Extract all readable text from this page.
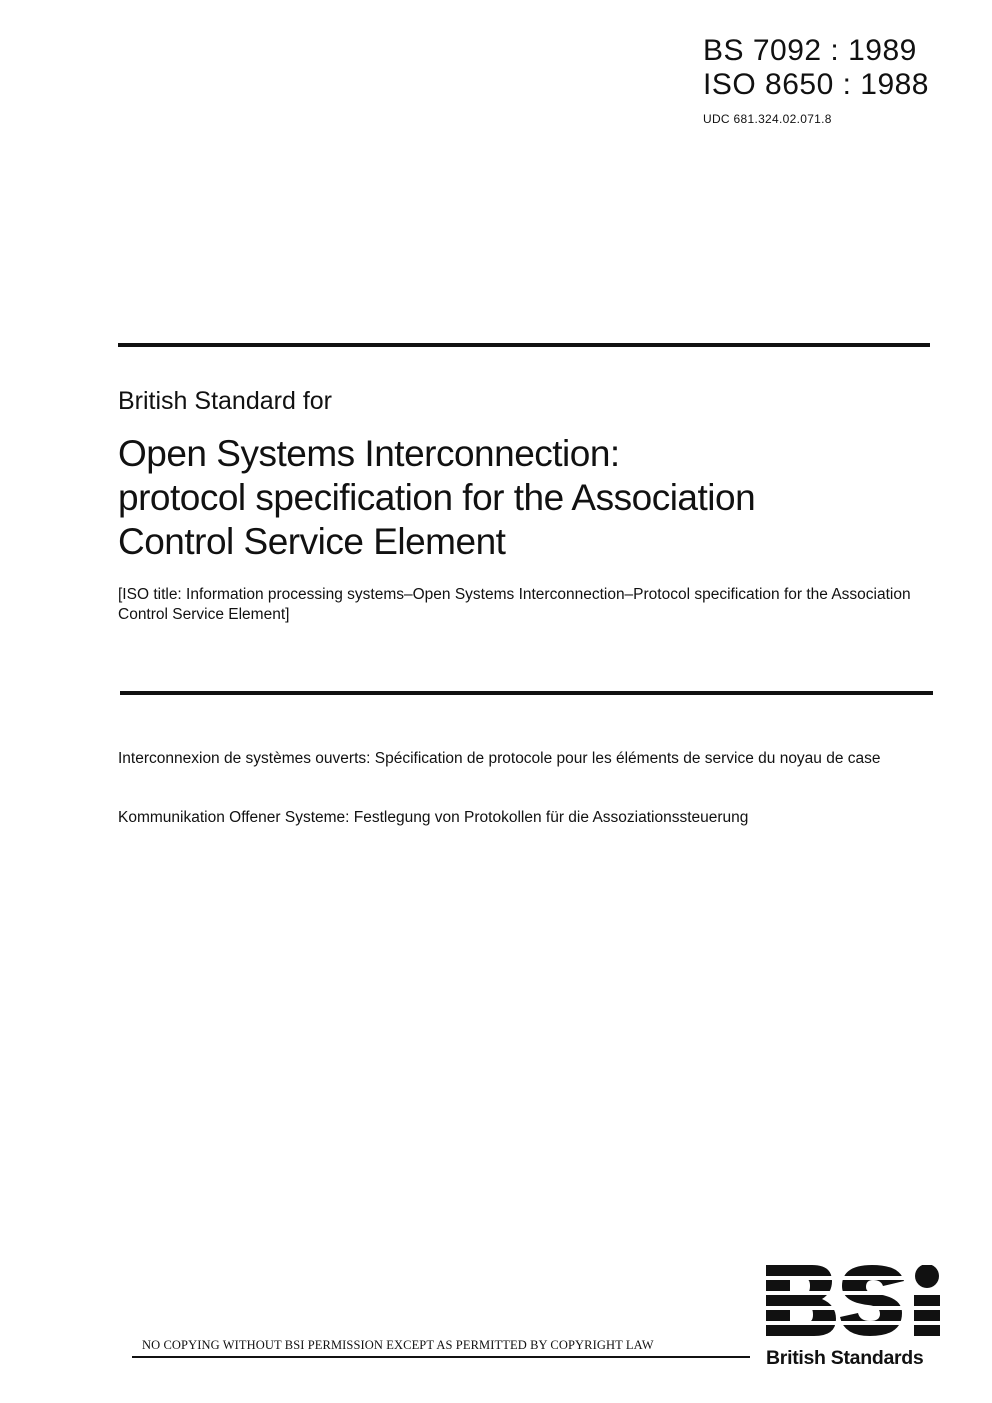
BS 7092 : 1989
ISO 8650 : 1988
UDC 681.324.02.071.8
British Standard for
Open Systems Interconnection:
protocol specification for the Association
Control Service Element
[ISO title: Information processing systems–Open Systems Interconnection–Protocol specification for the Association Control Service Element]
Interconnexion de systèmes ouverts: Spécification de protocole pour les éléments de service du noyau de case
Kommunikation Offener Systeme: Festlegung von Protokollen für die Assoziationssteuerung
NO COPYING WITHOUT BSI PERMISSION EXCEPT AS PERMITTED BY COPYRIGHT LAW
British Standards
